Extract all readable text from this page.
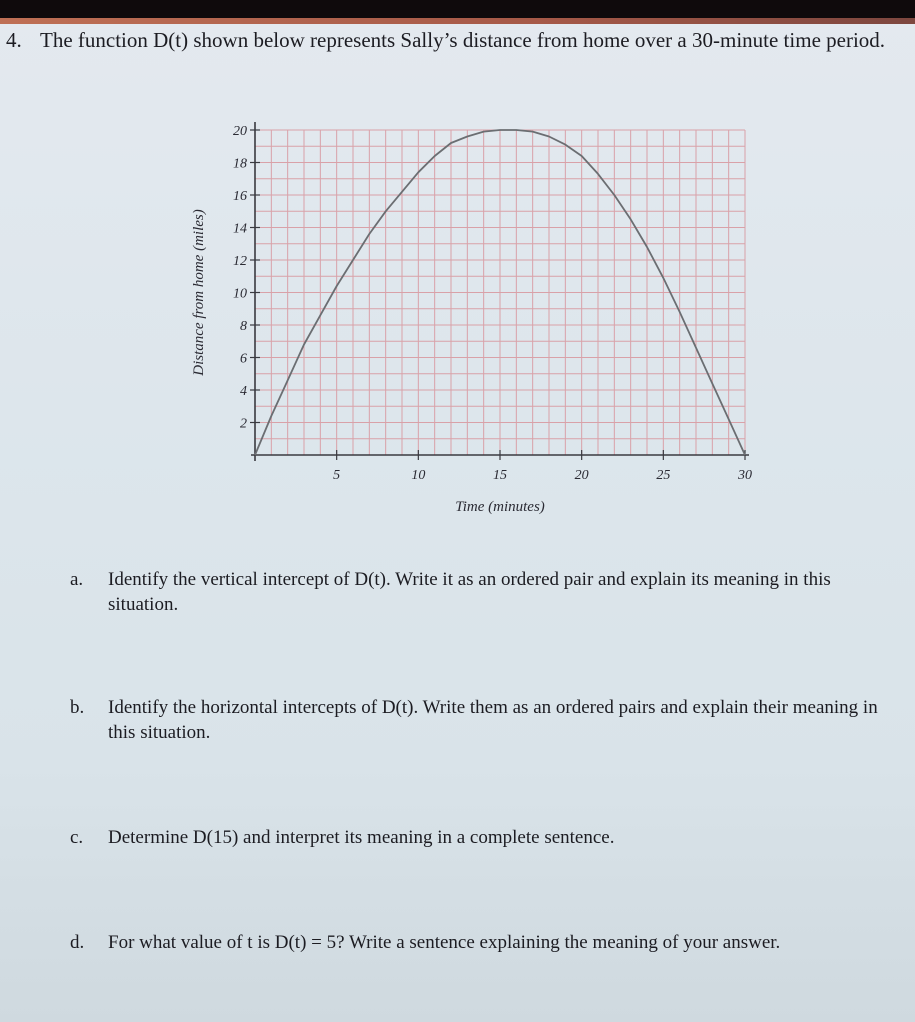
4. The function D(t) shown below represents Sally’s distance from home over a 30-minute time period.
2
4
6
8
10
12
14
16
18
20
5	10	15	20	25	30
Time (minutes)
Distance from home (miles)
a. Identify the vertical intercept of D(t). Write it as an ordered pair and explain its meaning in this situation.
b. Identify the horizontal intercepts of D(t). Write them as an ordered pairs and explain their meaning in this situation.
c. Determine D(15) and interpret its meaning in a complete sentence.
d. For what value of t is D(t) = 5? Write a sentence explaining the meaning of your answer.
